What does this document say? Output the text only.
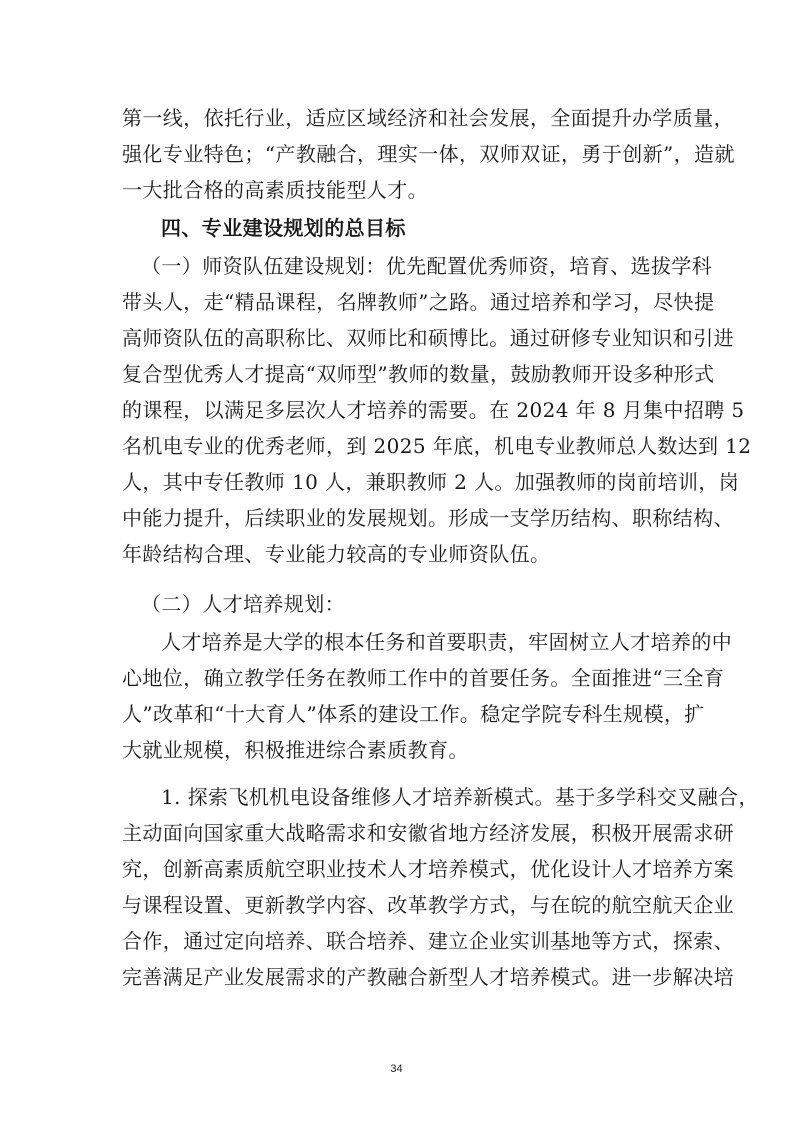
第一线，依托行业，适应区域经济和社会发展，全面提升办学质量，
强化专业特色；“产教融合，理实一体，双师双证，勇于创新”，造就
一大批合格的高素质技能型人才。
四、专业建设规划的总目标
（一）师资队伍建设规划：优先配置优秀师资，培育、选拔学科
带头人，走“精品课程，名牌教师”之路。通过培养和学习，尽快提
高师资队伍的高职称比、双师比和硕博比。通过研修专业知识和引进
复合型优秀人才提高“双师型”教师的数量，鼓励教师开设多种形式
的课程，以满足多层次人才培养的需要。在 2024 年 8 月集中招聘 5
名机电专业的优秀老师，到 2025 年底，机电专业教师总人数达到 12
人，其中专任教师 10 人，兼职教师 2 人。加强教师的岗前培训，岗
中能力提升，后续职业的发展规划。形成一支学历结构、职称结构、
年龄结构合理、专业能力较高的专业师资队伍。
（二）人才培养规划：
人才培养是大学的根本任务和首要职责，牢固树立人才培养的中
心地位，确立教学任务在教师工作中的首要任务。全面推进“三全育
人”改革和“十大育人”体系的建设工作。稳定学院专科生规模，扩
大就业规模，积极推进综合素质教育。
1. 探索飞机机电设备维修人才培养新模式。基于多学科交叉融合，
主动面向国家重大战略需求和安徽省地方经济发展，积极开展需求研
究，创新高素质航空职业技术人才培养模式，优化设计人才培养方案
与课程设置、更新教学内容、改革教学方式，与在皖的航空航天企业
合作，通过定向培养、联合培养、建立企业实训基地等方式，探索、
完善满足产业发展需求的产教融合新型人才培养模式。进一步解决培
34
